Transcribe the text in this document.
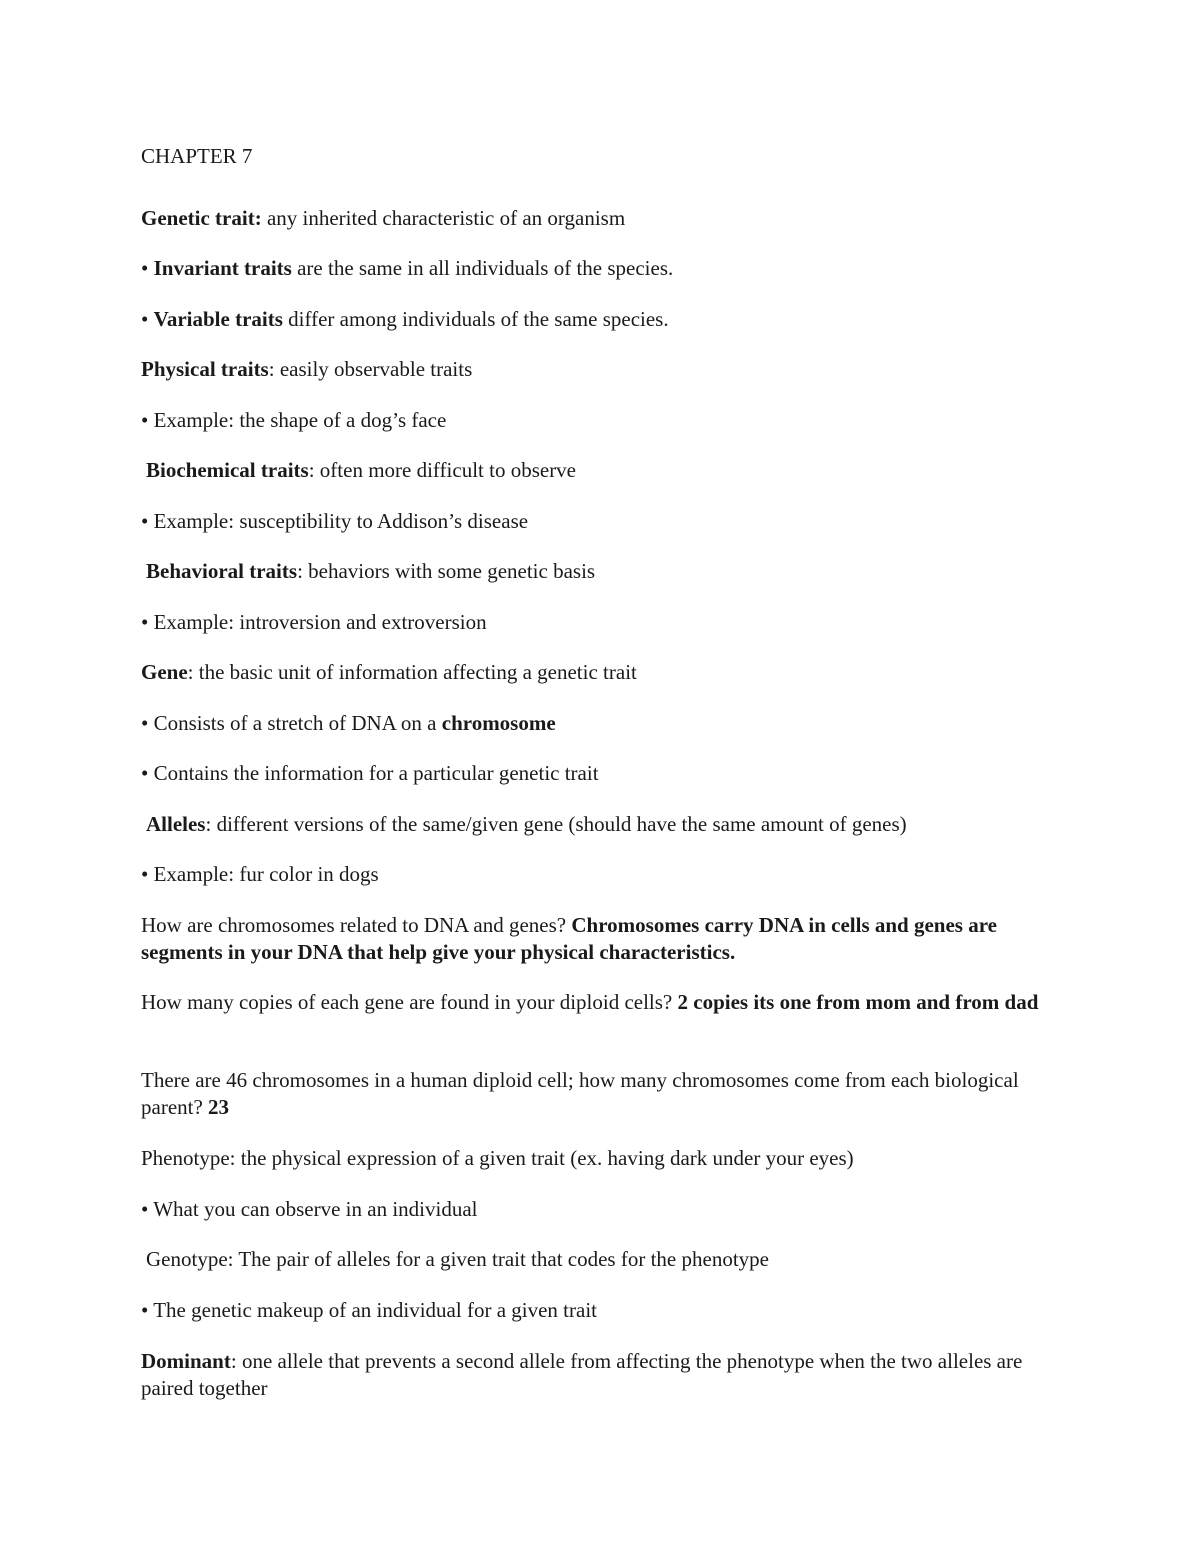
CHAPTER 7
Genetic trait: any inherited characteristic of an organism
• Invariant traits are the same in all individuals of the species.
• Variable traits differ among individuals of the same species.
Physical traits: easily observable traits
• Example: the shape of a dog’s face
Biochemical traits: often more difficult to observe
• Example: susceptibility to Addison’s disease
Behavioral traits: behaviors with some genetic basis
• Example: introversion and extroversion
Gene: the basic unit of information affecting a genetic trait
• Consists of a stretch of DNA on a chromosome
• Contains the information for a particular genetic trait
Alleles: different versions of the same/given gene (should have the same amount of genes)
• Example: fur color in dogs
How are chromosomes related to DNA and genes? Chromosomes carry DNA in cells and genes are segments in your DNA that help give your physical characteristics.
How many copies of each gene are found in your diploid cells? 2 copies its one from mom and from dad
There are 46 chromosomes in a human diploid cell; how many chromosomes come from each biological parent? 23
Phenotype: the physical expression of a given trait (ex. having dark under your eyes)
• What you can observe in an individual
Genotype: The pair of alleles for a given trait that codes for the phenotype
• The genetic makeup of an individual for a given trait
Dominant: one allele that prevents a second allele from affecting the phenotype when the two alleles are paired together
